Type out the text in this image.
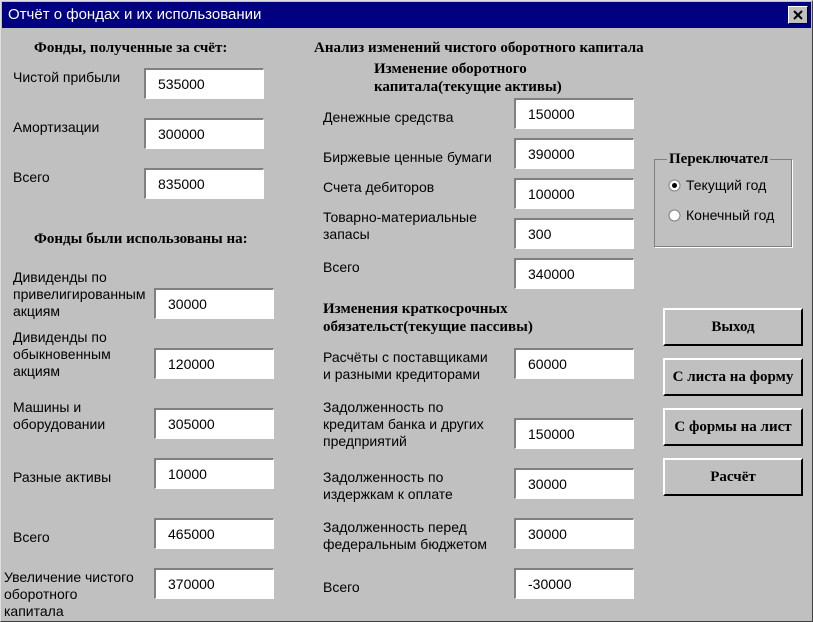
Отчёт о фондах и их использовании
Фонды, полученные за счёт:
Чистой прибыли
535000
Амортизации
300000
Всего
835000
Фонды были использованы на:
Дивиденды по
привелигированным
акциям
30000
Дивиденды по
обыкновенным
акциям
120000
Машины и
оборудовании
305000
Разные активы
10000
Всего
465000
Увеличение чистого
оборотного
капитала
370000
Анализ изменений чистого оборотного капитала
Изменение оборотного
капитала(текущие активы)
Денежные средства
150000
Биржевые ценные бумаги
390000
Счета дебиторов
100000
Товарно-материальные
запасы
300
Всего
340000
Изменения краткосрочных
обязательст(текущие пассивы)
Расчёты с поставщиками
и разными кредиторами
60000
Задолженность по
кредитам банка и других
предприятий
150000
Задолженность по
издержкам к оплате
30000
Задолженность перед
федеральным бюджетом
30000
Всего
-30000
Переключател
Текущий год
Конечный год
Выход
С листа на форму
С формы на лист
Расчёт
